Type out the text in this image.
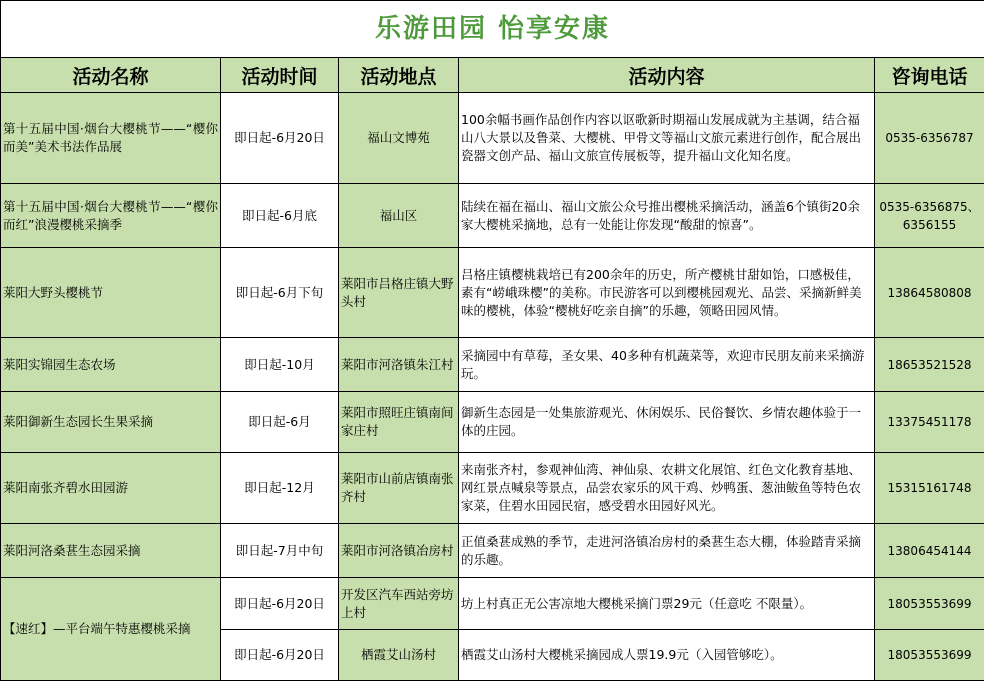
乐游田园 怡享安康				
活动名称	活动时间	活动地点	活动内容	咨询电话
第十五届中国·烟台大樱桃节——“樱你而美”美术书法作品展	即日起-6月20日	福山文博苑	100余幅书画作品创作内容以讴歌新时期福山发展成就为主基调，结合福山八大景以及鲁菜、大樱桃、甲骨文等福山文旅元素进行创作，配合展出瓷器文创产品、福山文旅宣传展板等，提升福山文化知名度。	0535-6356787
第十五届中国·烟台大樱桃节——“樱你而红”浪漫樱桃采摘季	即日起-6月底	福山区	陆续在福在福山、福山文旅公众号推出樱桃采摘活动，涵盖6个镇街20余家大樱桃采摘地，总有一处能让你发现“酸甜的惊喜”。	0535-6356875、6356155
莱阳大野头樱桃节	即日起-6月下旬	莱阳市吕格庄镇大野头村	吕格庄镇樱桃栽培已有200余年的历史，所产樱桃甘甜如饴，口感极佳，素有“崂峨珠樱”的美称。市民游客可以到樱桃园观光、品尝、采摘新鲜美味的樱桃，体验“樱桃好吃亲自摘”的乐趣，领略田园风情。	13864580808
莱阳实锦园生态农场	即日起-10月	莱阳市河洛镇朱江村	采摘园中有草莓，圣女果、40多种有机蔬菜等，欢迎市民朋友前来采摘游玩。	18653521528
莱阳御新生态园长生果采摘	即日起-6月	莱阳市照旺庄镇南间家庄村	御新生态园是一处集旅游观光、休闲娱乐、民俗餐饮、乡情农趣体验于一体的庄园。	13375451178
莱阳南张齐碧水田园游	即日起-12月	莱阳市山前店镇南张齐村	来南张齐村，参观神仙湾、神仙泉、农耕文化展馆、红色文化教育基地、网红景点喊泉等景点，品尝农家乐的风干鸡、炒鸭蛋、葱油鲅鱼等特色农家菜，住碧水田园民宿，感受碧水田园好风光。	15315161748
莱阳河洛桑葚生态园采摘	即日起-7月中旬	莱阳市河洛镇冶房村	正值桑葚成熟的季节，走进河洛镇冶房村的桑葚生态大棚，体验踏青采摘的乐趣。	13806454144
【速红】—平台端午特惠樱桃采摘	即日起-6月20日	开发区汽车西站旁坊上村	坊上村真正无公害凉地大樱桃采摘门票29元（任意吃 不限量）。	18053553699
	即日起-6月20日	栖霞艾山汤村	栖霞艾山汤村大樱桃采摘园成人票19.9元（入园管够吃）。	18053553699
